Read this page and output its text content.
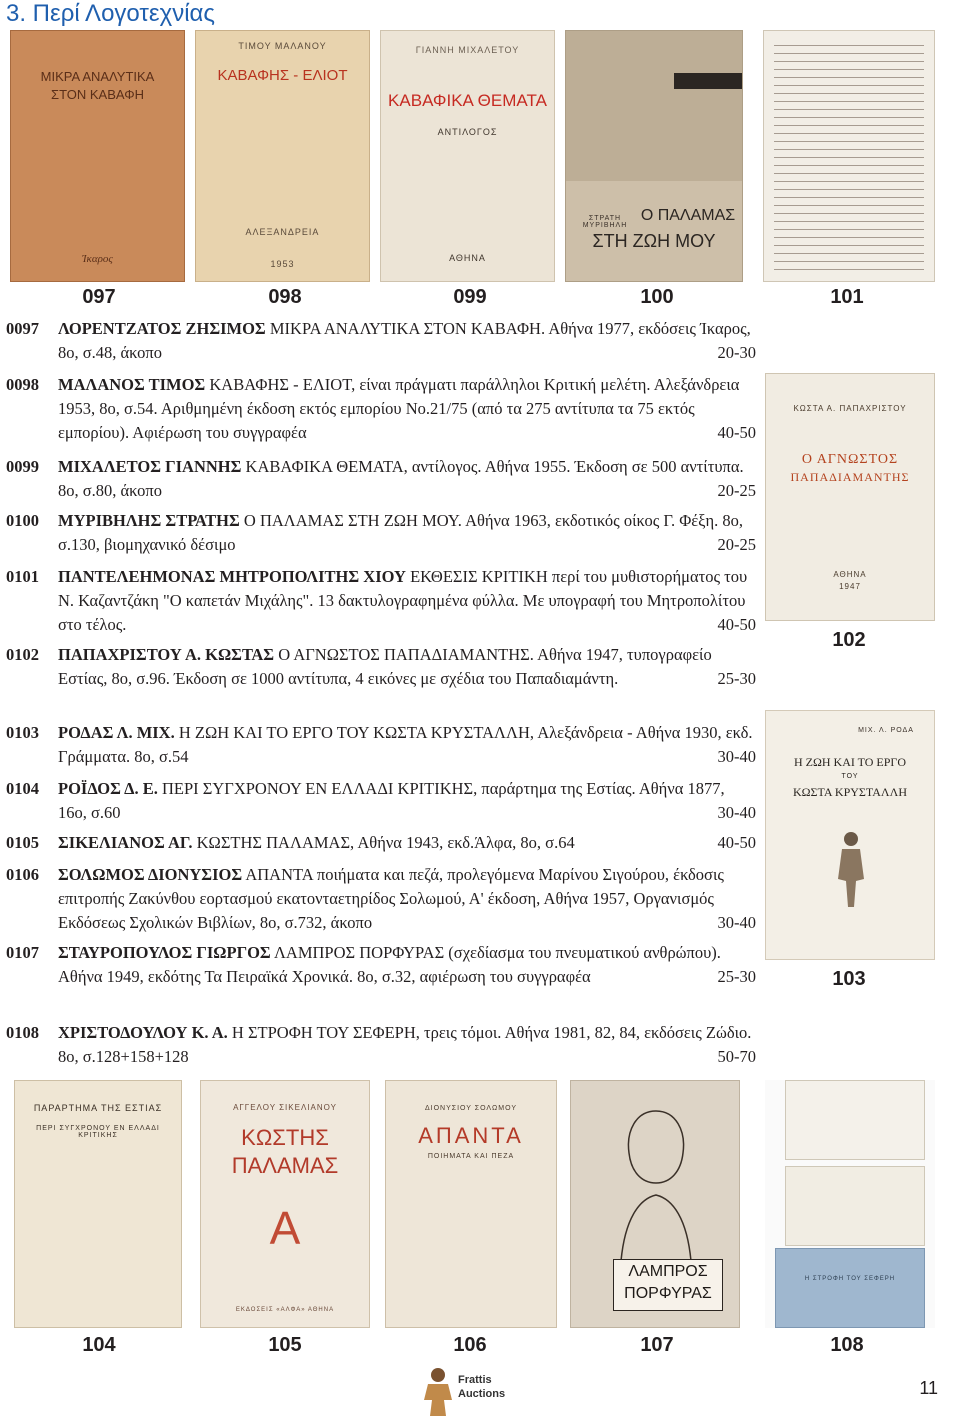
3. Περί Λογοτεχνίας
ΜΙΚΡΑ ΑΝΑΛΥΤΙΚΑ
ΣΤΟΝ ΚΑΒΑΦΗ
Ίκαρος
ΤΙΜΟΥ ΜΑΛΑΝΟΥ
ΚΑΒΑΦΗΣ - ΕΛΙΟΤ
ΑΛΕΞΑΝΔΡΕΙΑ
1953
ΓΙΑΝΝΗ ΜΙΧΑΛΕΤΟΥ
ΚΑΒΑΦΙΚΑ ΘΕΜΑΤΑ
ΑΝΤΙΛΟΓΟΣ
ΑΘΗΝΑ
ΣΤΡΑΤΗ ΜΥΡΙΒΗΛΗ
Ο ΠΑΛΑΜΑΣ
ΣΤΗ ΖΩΗ ΜΟΥ
097	098	099	100	101
ΚΩΣΤΑ Α. ΠΑΠΑΧΡΙΣΤΟΥ
Ο ΑΓΝΩΣΤΟΣ
ΠΑΠΑΔΙΑΜΑΝΤΗΣ
ΑΘΗΝΑ
1947
102
ΜΙΧ. Λ. ΡΟΔΑ
Η ΖΩΗ ΚΑΙ ΤΟ ΕΡΓΟ
ΤΟΥ
ΚΩΣΤΑ ΚΡΥΣΤΑΛΛΗ
103
0097 ΛΟΡΕΝΤΖΑΤΟΣ ΖΗΣΙΜΟΣ ΜΙΚΡΑ ΑΝΑΛΥΤΙΚΑ ΣΤΟΝ ΚΑΒΑΦΗ. Αθήνα 1977, εκδόσεις Ίκαρος, 8ο, σ.48, άκοπο	20-30
0098 ΜΑΛΑΝΟΣ ΤΙΜΟΣ ΚΑΒΑΦΗΣ - ΕΛΙΟΤ, είναι πράγματι παράλληλοι Κριτική μελέτη. Αλεξάνδρεια 1953, 8ο, σ.54. Αριθμημένη έκδοση εκτός εμπορίου Νο.21/75 (από τα 275 αντίτυπα τα 75 εκτός εμπορίου). Αφιέρωση του συγγραφέα	40-50
0099 ΜΙΧΑΛΕΤΟΣ ΓΙΑΝΝΗΣ ΚΑΒΑΦΙΚΑ ΘΕΜΑΤΑ, αντίλογος. Αθήνα 1955. Έκδοση σε 500 αντίτυπα. 8ο, σ.80, άκοπο	20-25
0100 ΜΥΡΙΒΗΛΗΣ ΣΤΡΑΤΗΣ Ο ΠΑΛΑΜΑΣ ΣΤΗ ΖΩΗ ΜΟΥ. Αθήνα 1963, εκδοτικός οίκος Γ. Φέξη. 8ο, σ.130, βιομηχανικό δέσιμο	20-25
0101 ΠΑΝΤΕΛΕΗΜΟΝΑΣ ΜΗΤΡΟΠΟΛΙΤΗΣ ΧΙΟΥ ΕΚΘΕΣΙΣ ΚΡΙΤΙΚΗ περί του μυθιστορήματος του Ν. Καζαντζάκη "Ο καπετάν Μιχάλης". 13 δακτυλογραφημένα φύλλα. Με υπογραφή του Μητροπολίτου στο τέλος.	40-50
0102 ΠΑΠΑΧΡΙΣΤΟΥ Α. ΚΩΣΤΑΣ Ο ΑΓΝΩΣΤΟΣ ΠΑΠΑΔΙΑΜΑΝΤΗΣ. Αθήνα 1947, τυπογραφείο Εστίας, 8ο, σ.96. Έκδοση σε 1000 αντίτυπα, 4 εικόνες με σχέδια του Παπαδιαμάντη.	25-30
0103 ΡΟΔΑΣ Λ. ΜΙΧ. Η ΖΩΗ ΚΑΙ ΤΟ ΕΡΓΟ ΤΟΥ ΚΩΣΤΑ ΚΡΥΣΤΑΛΛΗ, Αλεξάνδρεια - Αθήνα 1930, εκδ. Γράμματα. 8ο, σ.54	30-40
0104 ΡΟΪΔΟΣ Δ. Ε. ΠΕΡΙ ΣΥΓΧΡΟΝΟΥ ΕΝ ΕΛΛΑΔΙ ΚΡΙΤΙΚΗΣ, παράρτημα της Εστίας. Αθήνα 1877, 16ο, σ.60	30-40
0105 ΣΙΚΕΛΙΑΝΟΣ ΑΓ. ΚΩΣΤΗΣ ΠΑΛΑΜΑΣ, Αθήνα 1943, εκδ.Άλφα, 8ο, σ.64	40-50
0106 ΣΟΛΩΜΟΣ ΔΙΟΝΥΣΙΟΣ ΑΠΑΝΤΑ ποιήματα και πεζά, προλεγόμενα Μαρίνου Σιγούρου, έκδοσις επιτροπής Ζακύνθου εορτασμού εκατονταετηρίδος Σολωμού, Α' έκδοση, Αθήνα 1957, Οργανισμός Εκδόσεως Σχολικών Βιβλίων, 8ο, σ.732, άκοπο	30-40
0107 ΣΤΑΥΡΟΠΟΥΛΟΣ ΓΙΩΡΓΟΣ ΛΑΜΠΡΟΣ ΠΟΡΦΥΡΑΣ (σχεδίασμα του πνευματικού ανθρώπου). Αθήνα 1949, εκδότης Τα Πειραϊκά Χρονικά. 8ο, σ.32, αφιέρωση του συγγραφέα	25-30
0108 ΧΡΙΣΤΟΔΟΥΛΟΥ Κ. Α. Η ΣΤΡΟΦΗ ΤΟΥ ΣΕΦΕΡΗ, τρεις τόμοι. Αθήνα 1981, 82, 84, εκδόσεις Ζώδιο. 8ο, σ.128+158+128	50-70
ΠΑΡΑΡΤΗΜΑ ΤΗΣ ΕΣΤΙΑΣ
ΠΕΡΙ ΣΥΓΧΡΟΝΟΥ ΕΝ ΕΛΛΑΔΙ ΚΡΙΤΙΚΗΣ
ΑΓΓΕΛΟΥ ΣΙΚΕΛΙΑΝΟΥ
ΚΩΣΤΗΣ
ΠΑΛΑΜΑΣ
Α
ΕΚΔΟΣΕΙΣ «ΑΛΦΑ» ΑΘΗΝΑ
ΔΙΟΝΥΣΙΟΥ ΣΟΛΩΜΟΥ
ΑΠΑΝΤΑ
ΠΟΙΗΜΑΤΑ ΚΑΙ ΠΕΖΑ
ΛΑΜΠΡΟΣ
ΠΟΡΦΥΡΑΣ
Η ΣΤΡΟΦΗ ΤΟΥ ΣΕΦΕΡΗ
104	105	106	107	108
Frattis
Auctions	11
